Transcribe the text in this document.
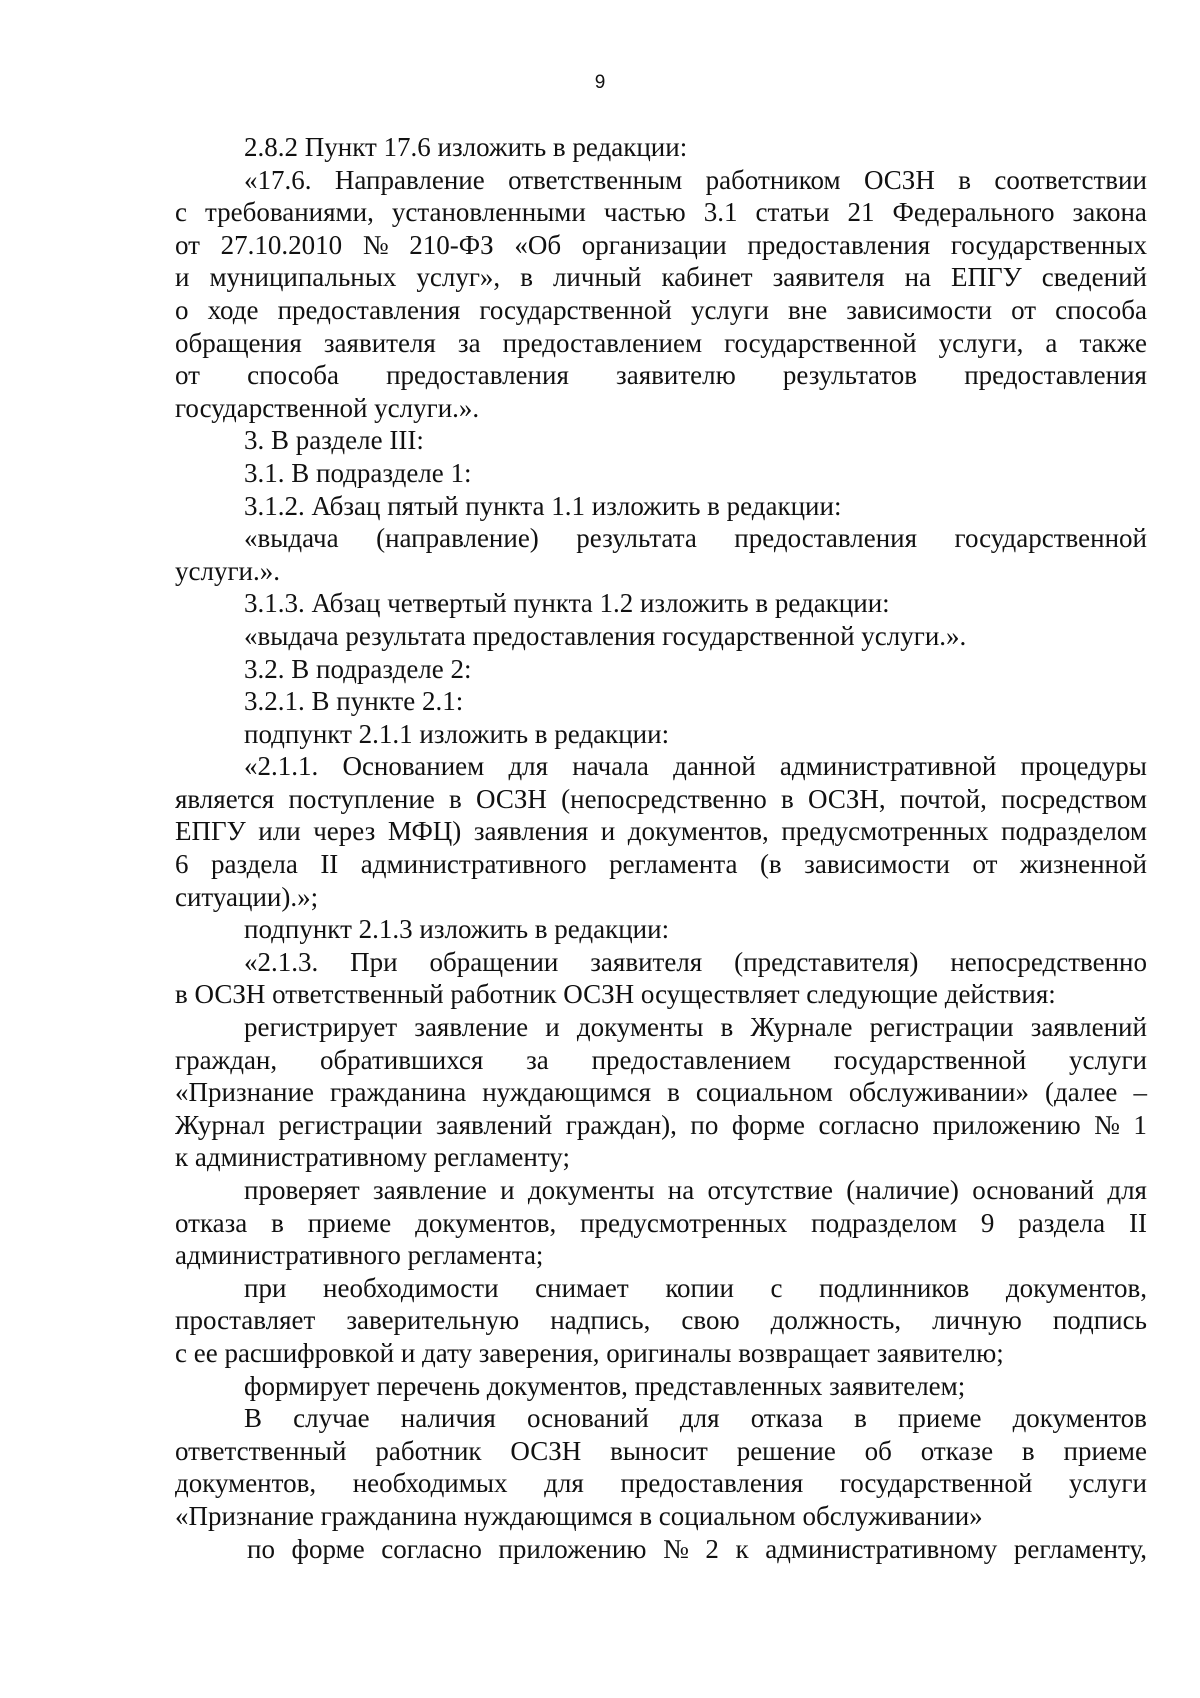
9
2.8.2 Пункт 17.6 изложить в редакции:
«17.6. Направление ответственным работником ОСЗН в соответствии
с требованиями, установленными частью 3.1 статьи 21 Федерального закона
от 27.10.2010 № 210-ФЗ «Об организации предоставления государственных
и муниципальных услуг», в личный кабинет заявителя на ЕПГУ сведений
о ходе предоставления государственной услуги вне зависимости от способа
обращения заявителя за предоставлением государственной услуги, а также
от способа предоставления заявителю результатов предоставления
государственной услуги.».
3. В разделе III:
3.1. В подразделе 1:
3.1.2. Абзац пятый пункта 1.1 изложить в редакции:
«выдача (направление) результата предоставления государственной
услуги.».
3.1.3. Абзац четвертый пункта 1.2 изложить в редакции:
«выдача результата предоставления государственной услуги.».
3.2. В подразделе 2:
3.2.1. В пункте 2.1:
подпункт 2.1.1 изложить в редакции:
«2.1.1. Основанием для начала данной административной процедуры
является поступление в ОСЗН (непосредственно в ОСЗН, почтой, посредством
ЕПГУ или через МФЦ) заявления и документов, предусмотренных подразделом
6 раздела II административного регламента (в зависимости от жизненной
ситуации).»;
подпункт 2.1.3 изложить в редакции:
«2.1.3. При обращении заявителя (представителя) непосредственно
в ОСЗН ответственный работник ОСЗН осуществляет следующие действия:
регистрирует заявление и документы в Журнале регистрации заявлений
граждан, обратившихся за предоставлением государственной услуги
«Признание гражданина нуждающимся в социальном обслуживании» (далее –
Журнал регистрации заявлений граждан), по форме согласно приложению № 1
к административному регламенту;
проверяет заявление и документы на отсутствие (наличие) оснований для
отказа в приеме документов, предусмотренных подразделом 9 раздела II
административного регламента;
при необходимости снимает копии с подлинников документов,
проставляет заверительную надпись, свою должность, личную подпись
с ее расшифровкой и дату заверения, оригиналы возвращает заявителю;
формирует перечень документов, представленных заявителем;
В случае наличия оснований для отказа в приеме документов
ответственный работник ОСЗН выносит решение об отказе в приеме
документов, необходимых для предоставления государственной услуги
«Признание гражданина нуждающимся в социальном обслуживании»
по форме согласно приложению № 2 к административному регламенту,
